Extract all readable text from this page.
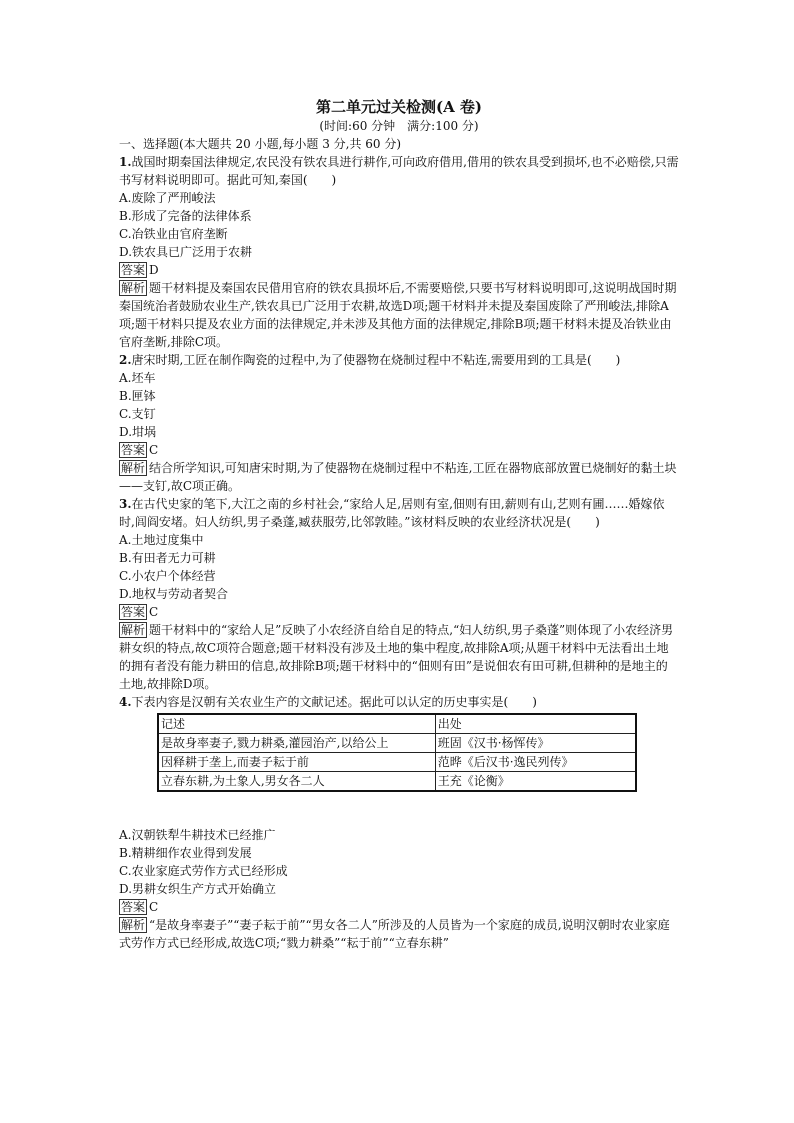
第二单元过关检测(A 卷)

(时间:60 分钟　满分:100 分)

一、选择题(本大题共 20 小题,每小题 3 分,共 60 分)

1.战国时期秦国法律规定,农民没有铁农具进行耕作,可向政府借用,借用的铁农具受到损坏,也不必赔偿,只需书写材料说明即可。据此可知,秦国(　　)

A.废除了严刑峻法

B.形成了完备的法律体系

C.冶铁业由官府垄断

D.铁农具已广泛用于农耕

答案 D

解析 题干材料提及秦国农民借用官府的铁农具损坏后,不需要赔偿,只要书写材料说明即可,这说明战国时期秦国统治者鼓励农业生产,铁农具已广泛用于农耕,故选D项;题干材料并未提及秦国废除了严刑峻法,排除A项;题干材料只提及农业方面的法律规定,并未涉及其他方面的法律规定,排除B项;题干材料未提及冶铁业由官府垄断,排除C项。

2.唐宋时期,工匠在制作陶瓷的过程中,为了使器物在烧制过程中不粘连,需要用到的工具是(　　)

A.坯车

B.匣钵

C.支钉

D.坩埚

答案 C

解析 结合所学知识,可知唐宋时期,为了使器物在烧制过程中不粘连,工匠在器物底部放置已烧制好的黏土块——支钉,故C项正确。

3.在古代史家的笔下,大江之南的乡村社会,“家给人足,居则有室,佃则有田,薪则有山,艺则有圃……婚嫁依时,闾阎安堵。妇人纺织,男子桑蓬,臧获服劳,比邻敦睦。”该材料反映的农业经济状况是(　　)

A.土地过度集中

B.有田者无力可耕

C.小农户个体经营

D.地权与劳动者契合

答案 C

解析 题干材料中的“家给人足”反映了小农经济自给自足的特点,“妇人纺织,男子桑蓬”则体现了小农经济男耕女织的特点,故C项符合题意;题干材料没有涉及土地的集中程度,故排除A项;从题干材料中无法看出土地的拥有者没有能力耕田的信息,故排除B项;题干材料中的“佃则有田”是说佃农有田可耕,但耕种的是地主的土地,故排除D项。

4.下表内容是汉朝有关农业生产的文献记述。据此可以认定的历史事实是(　　)

记述	出处
是故身率妻子,戮力耕桑,灌园治产,以给公上	班固《汉书·杨恽传》
因释耕于垄上,而妻子耘于前	范晔《后汉书·逸民列传》
立春东耕,为土象人,男女各二人	王充《论衡》

A.汉朝铁犁牛耕技术已经推广

B.精耕细作农业得到发展

C.农业家庭式劳作方式已经形成

D.男耕女织生产方式开始确立

答案 C

解析 “是故身率妻子”“妻子耘于前”“男女各二人”所涉及的人员皆为一个家庭的成员,说明汉朝时农业家庭式劳作方式已经形成,故选C项;“戮力耕桑”“耘于前”“立春东耕”
